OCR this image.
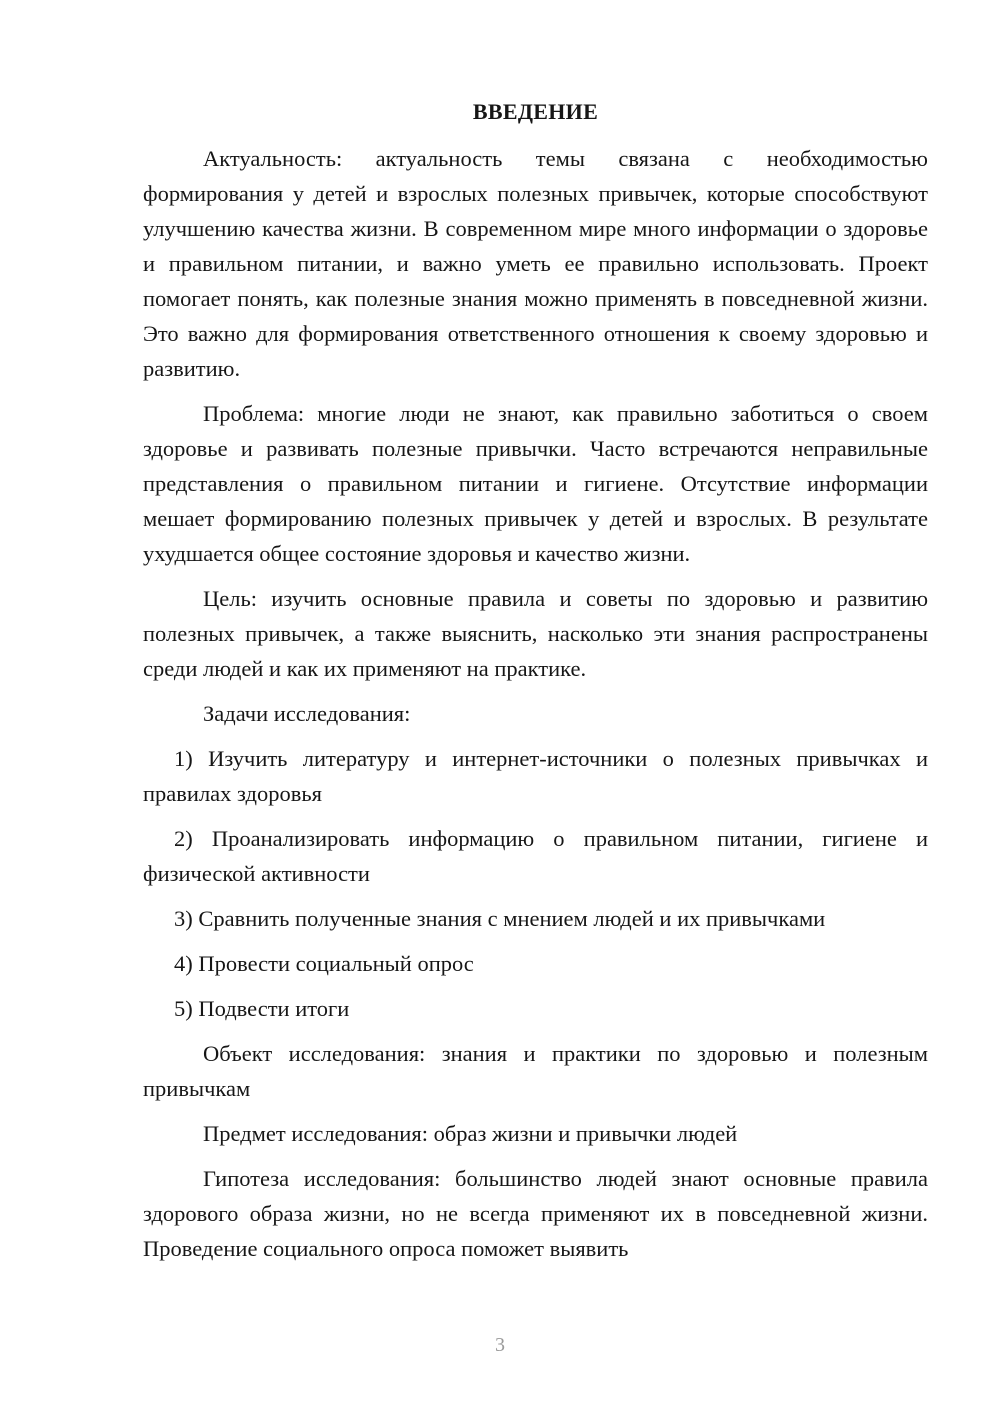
ВВЕДЕНИЕ

Актуальность: актуальность темы связана с необходимостью формирования у детей и взрослых полезных привычек, которые способствуют улучшению качества жизни. В современном мире много информации о здоровье и правильном питании, и важно уметь ее правильно использовать. Проект помогает понять, как полезные знания можно применять в повседневной жизни. Это важно для формирования ответственного отношения к своему здоровью и развитию.

Проблема: многие люди не знают, как правильно заботиться о своем здоровье и развивать полезные привычки. Часто встречаются неправильные представления о правильном питании и гигиене. Отсутствие информации мешает формированию полезных привычек у детей и взрослых. В результате ухудшается общее состояние здоровья и качество жизни.

Цель: изучить основные правила и советы по здоровью и развитию полезных привычек, а также выяснить, насколько эти знания распространены среди людей и как их применяют на практике.

Задачи исследования:

1) Изучить литературу и интернет-источники о полезных привычках и правилах здоровья

2) Проанализировать информацию о правильном питании, гигиене и физической активности

3) Сравнить полученные знания с мнением людей и их привычками

4) Провести социальный опрос

5) Подвести итоги

Объект исследования: знания и практики по здоровью и полезным привычкам

Предмет исследования: образ жизни и привычки людей

Гипотеза исследования: большинство людей знают основные правила здорового образа жизни, но не всегда применяют их в повседневной жизни. Проведение социального опроса поможет выявить

3
